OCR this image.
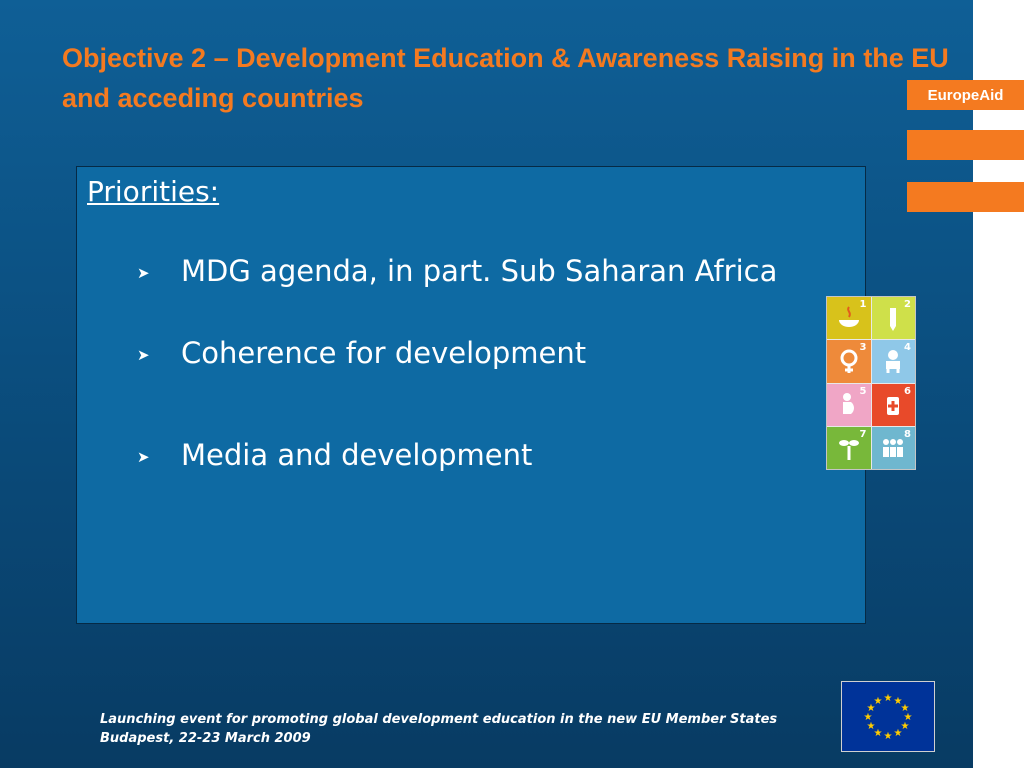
EuropeAid
Objective 2 – Development Education & Awareness Raising in the EU and acceding countries
Priorities:
➤	MDG agenda, in part. Sub Saharan Africa
➤	Coherence for development
➤	Media and development
1	2
3	4
5	6
7	8
Launching event for promoting global development education in the new EU Member States
Budapest, 22-23 March 2009
★ ★
★
★
★
★
★
★
★
★
★
★
